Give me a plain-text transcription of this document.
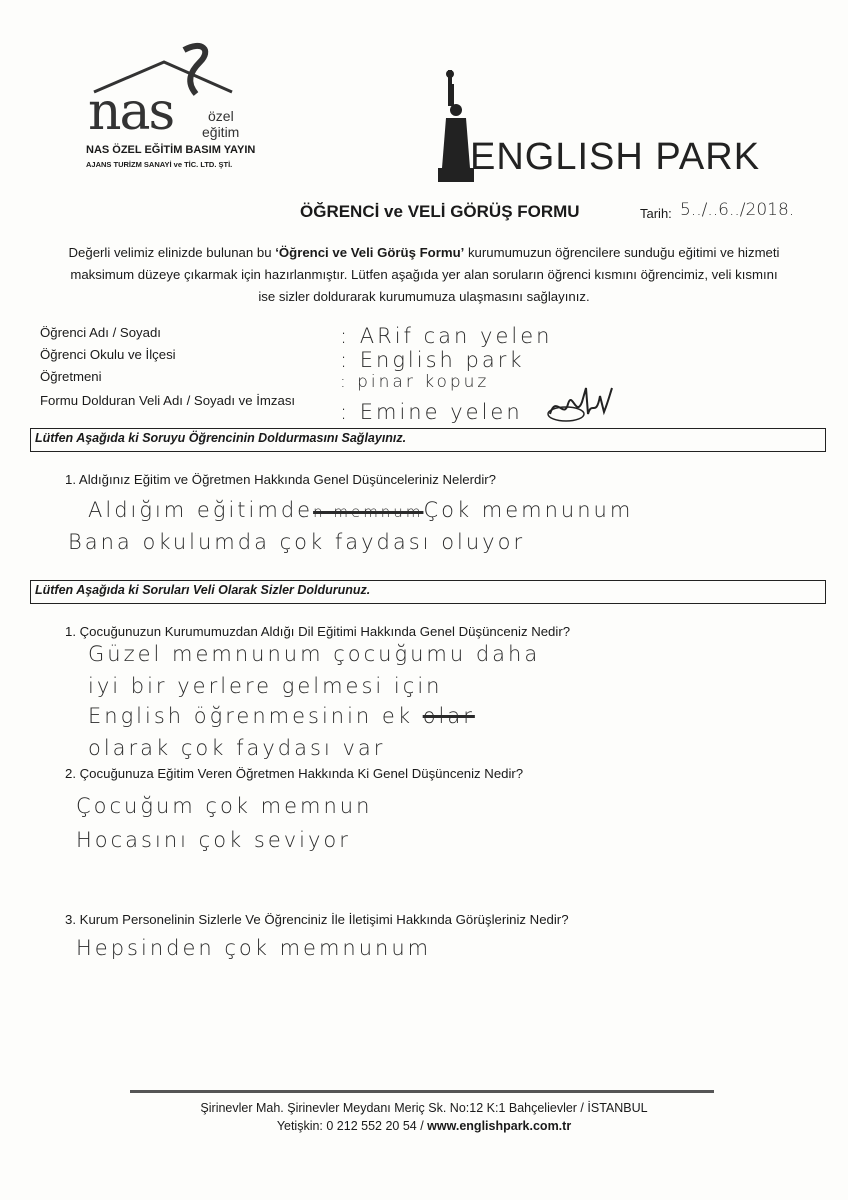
nas özel
eğitim
NAS ÖZEL EĞİTİM BASIM YAYIN
AJANS TURİZM SANAYİ ve TİC. LTD. ŞTİ.	ENGLISH PARK
ÖĞRENCİ ve VELİ GÖRÜŞ FORMU	Tarih: 5../..6../2018.
Değerli velimiz elinizde bulunan bu ‘Öğrenci ve Veli Görüş Formu’ kurumumuzun öğrencilere sunduğu eğitimi ve hizmeti
maksimum düzeye çıkarmak için hazırlanmıştır. Lütfen aşağıda yer alan soruların öğrenci kısmını öğrencimiz, veli kısmını
ise sizler doldurarak kurumumuza ulaşmasını sağlayınız.
Öğrenci Adı / Soyadı
Öğrenci Okulu ve İlçesi
Öğretmeni
Formu Dolduran Veli Adı / Soyadı ve İmzası
: ARif can yelen
: English park
: pinar kopuz
: Emine yelen
Lütfen Aşağıda ki Soruyu Öğrencinin Doldurmasını Sağlayınız.
1. Aldığınız Eğitim ve Öğretmen Hakkında Genel Düşünceleriniz Nelerdir?
Aldığım eğitimden memnumÇok memnunum
Bana okulumda çok faydası oluyor
Lütfen Aşağıda ki Soruları Veli Olarak Sizler Doldurunuz.
1. Çocuğunuzun Kurumumuzdan Aldığı Dil Eğitimi Hakkında Genel Düşünceniz Nedir?
Güzel memnunum çocuğumu daha
iyi bir yerlere gelmesi için
English öğrenmesinin ek olar
olarak çok faydası var
2. Çocuğunuza Eğitim Veren Öğretmen Hakkında Ki Genel Düşünceniz Nedir?
Çocuğum çok memnun
Hocasını çok seviyor
3. Kurum Personelinin Sizlerle Ve Öğrenciniz İle İletişimi Hakkında Görüşleriniz Nedir?
Hepsinden çok memnunum
Şirinevler Mah. Şirinevler Meydanı Meriç Sk. No:12 K:1 Bahçelievler / İSTANBUL
Yetişkin: 0 212 552 20 54 / www.englishpark.com.tr
